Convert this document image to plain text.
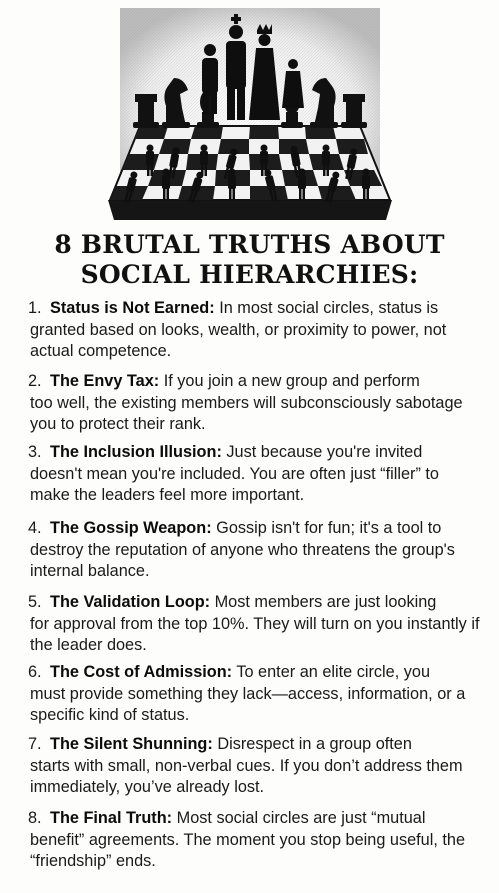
8 BRUTAL TRUTHS ABOUT
SOCIAL HIERARCHIES:
1. Status is Not Earned: In most social circles, status is
granted based on looks, wealth, or proximity to power, not actual competence.
2. The Envy Tax: If you join a new group and perform
too well, the existing members will subconsciously sabotage you to protect their rank.
3. The Inclusion Illusion: Just because you're invited
doesn't mean you're included. You are often just “filler” to make the leaders feel more important.
4. The Gossip Weapon: Gossip isn't for fun; it's a tool to
destroy the reputation of anyone who threatens the group's internal balance.
5. The Validation Loop: Most members are just looking
for approval from the top 10%. They will turn on you instantly if the leader does.
6. The Cost of Admission: To enter an elite circle, you
must provide something they lack—access, information, or a specific kind of status.
7. The Silent Shunning: Disrespect in a group often
starts with small, non-verbal cues. If you don’t address them immediately, you’ve already lost.
8. The Final Truth: Most social circles are just “mutual
benefit” agreements. The moment you stop being useful, the “friendship” ends.
